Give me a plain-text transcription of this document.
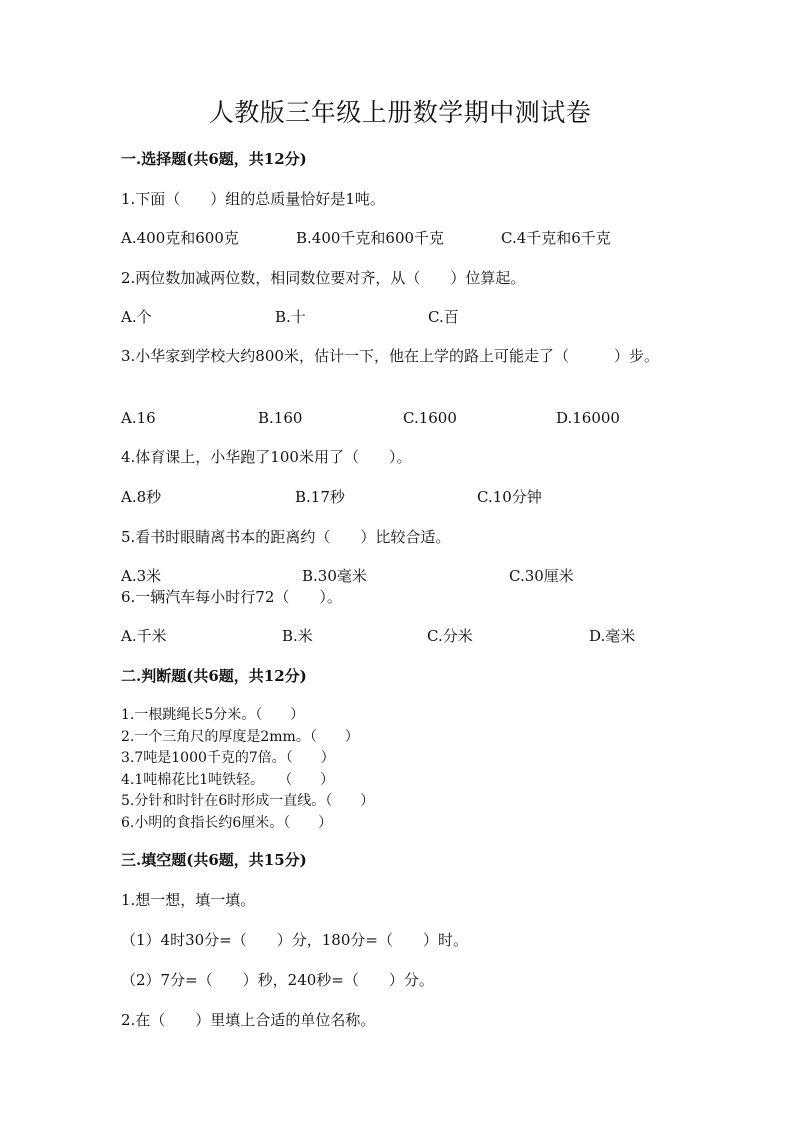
人教版三年级上册数学期中测试卷
一.选择题(共6题，共12分)
1.下面（　　）组的总质量恰好是1吨。
A.400克和600克	B.400千克和600千克	C.4千克和6千克
2.两位数加减两位数，相同数位要对齐，从（　　）位算起。
A.个	B.十	C.百
3.小华家到学校大约800米，估计一下，他在上学的路上可能走了（　　　）步。
A.16	B.160	C.1600	D.16000
4.体育课上，小华跑了100米用了（　　）。
A.8秒	B.17秒	C.10分钟
5.看书时眼睛离书本的距离约（　　）比较合适。
A.3米	B.30毫米	C.30厘米
6.一辆汽车每小时行72（　　）。
A.千米	B.米	C.分米	D.毫米
二.判断题(共6题，共12分)
1.一根跳绳长5分米。（　　）
2.一个三角尺的厚度是2mm。（　　）
3.7吨是1000千克的7倍。（　　）
4.1吨棉花比1吨铁轻。　　（　　）
5.分针和时针在6时形成一直线。（　　）
6.小明的食指长约6厘米。（　　）
三.填空题(共6题，共15分)
1.想一想，填一填。
（1）4时30分=（　　）分，180分=（　　）时。
（2）7分=（　　）秒，240秒=（　　）分。
2.在（　　）里填上合适的单位名称。
